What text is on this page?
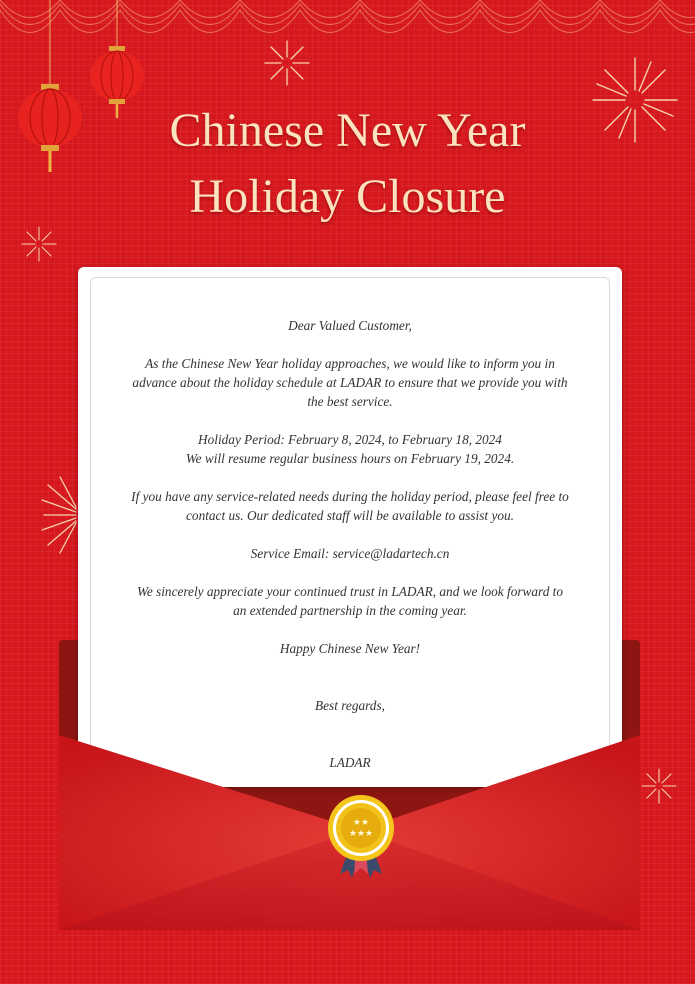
Chinese New Year
Holiday Closure

Dear Valued Customer,

As the Chinese New Year holiday approaches, we would like to inform you in advance about the holiday schedule at LADAR to ensure that we provide you with the best service.

Holiday Period: February 8, 2024, to February 18, 2024
We will resume regular business hours on February 19, 2024.

If you have any service-related needs during the holiday period, please feel free to contact us. Our dedicated staff will be available to assist you.

Service Email: service@ladartech.cn

We sincerely appreciate your continued trust in LADAR, and we look forward to an extended partnership in the coming year.

Happy Chinese New Year!

Best regards,

LADAR

★★
★★★
